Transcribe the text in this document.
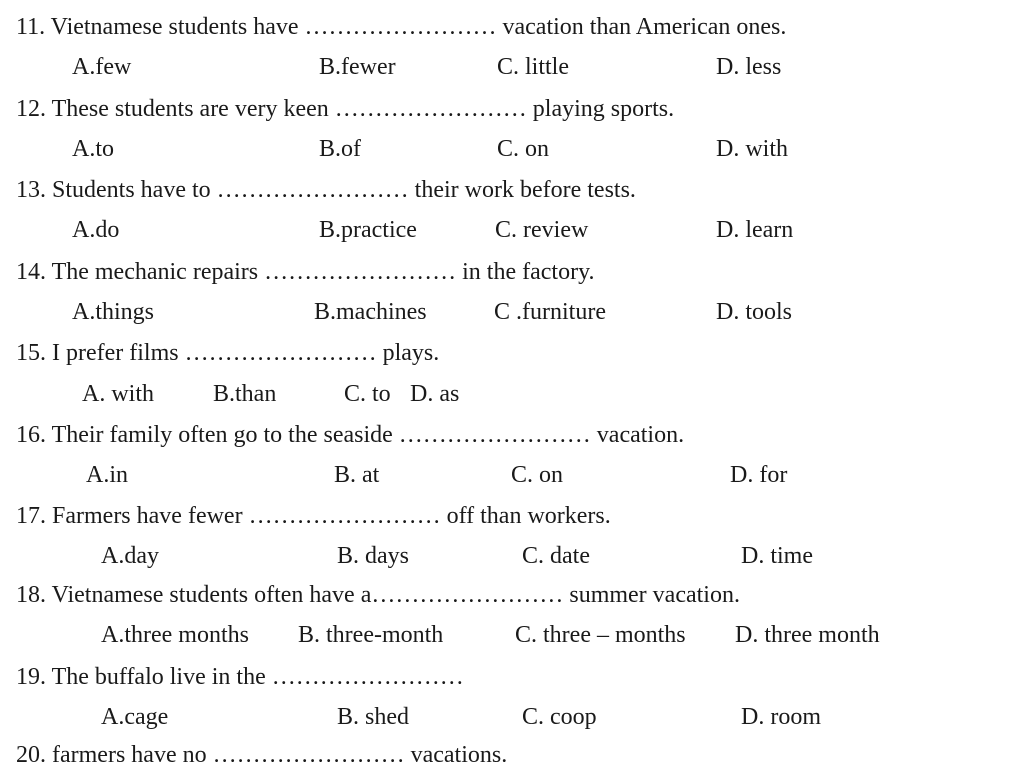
11. Vietnamese students have …………………… vacation than American ones.
A.few	B.fewer	C. little	D. less
12. These students are very keen …………………… playing sports.
A.to	B.of	C. on	D. with
13. Students have to …………………… their work before tests.
A.do	B.practice	C. review	D. learn
14. The mechanic repairs …………………… in the factory.
A.things	B.machines	C .furniture	D. tools
15. I prefer films …………………… plays.
A. with B.than	C. to D. as
16. Their family often go to the seaside …………………… vacation.
A.in	B. at	C. on	D. for
17. Farmers have fewer …………………… off than workers.
A.day	B. days	C. date	D. time
18. Vietnamese students often have a…………………… summer vacation.
A.three months B. three-month	C. three – months D. three month
19. The buffalo live in the ……………………
A.cage	B. shed	C. coop	D. room
20. farmers have no …………………… vacations.
